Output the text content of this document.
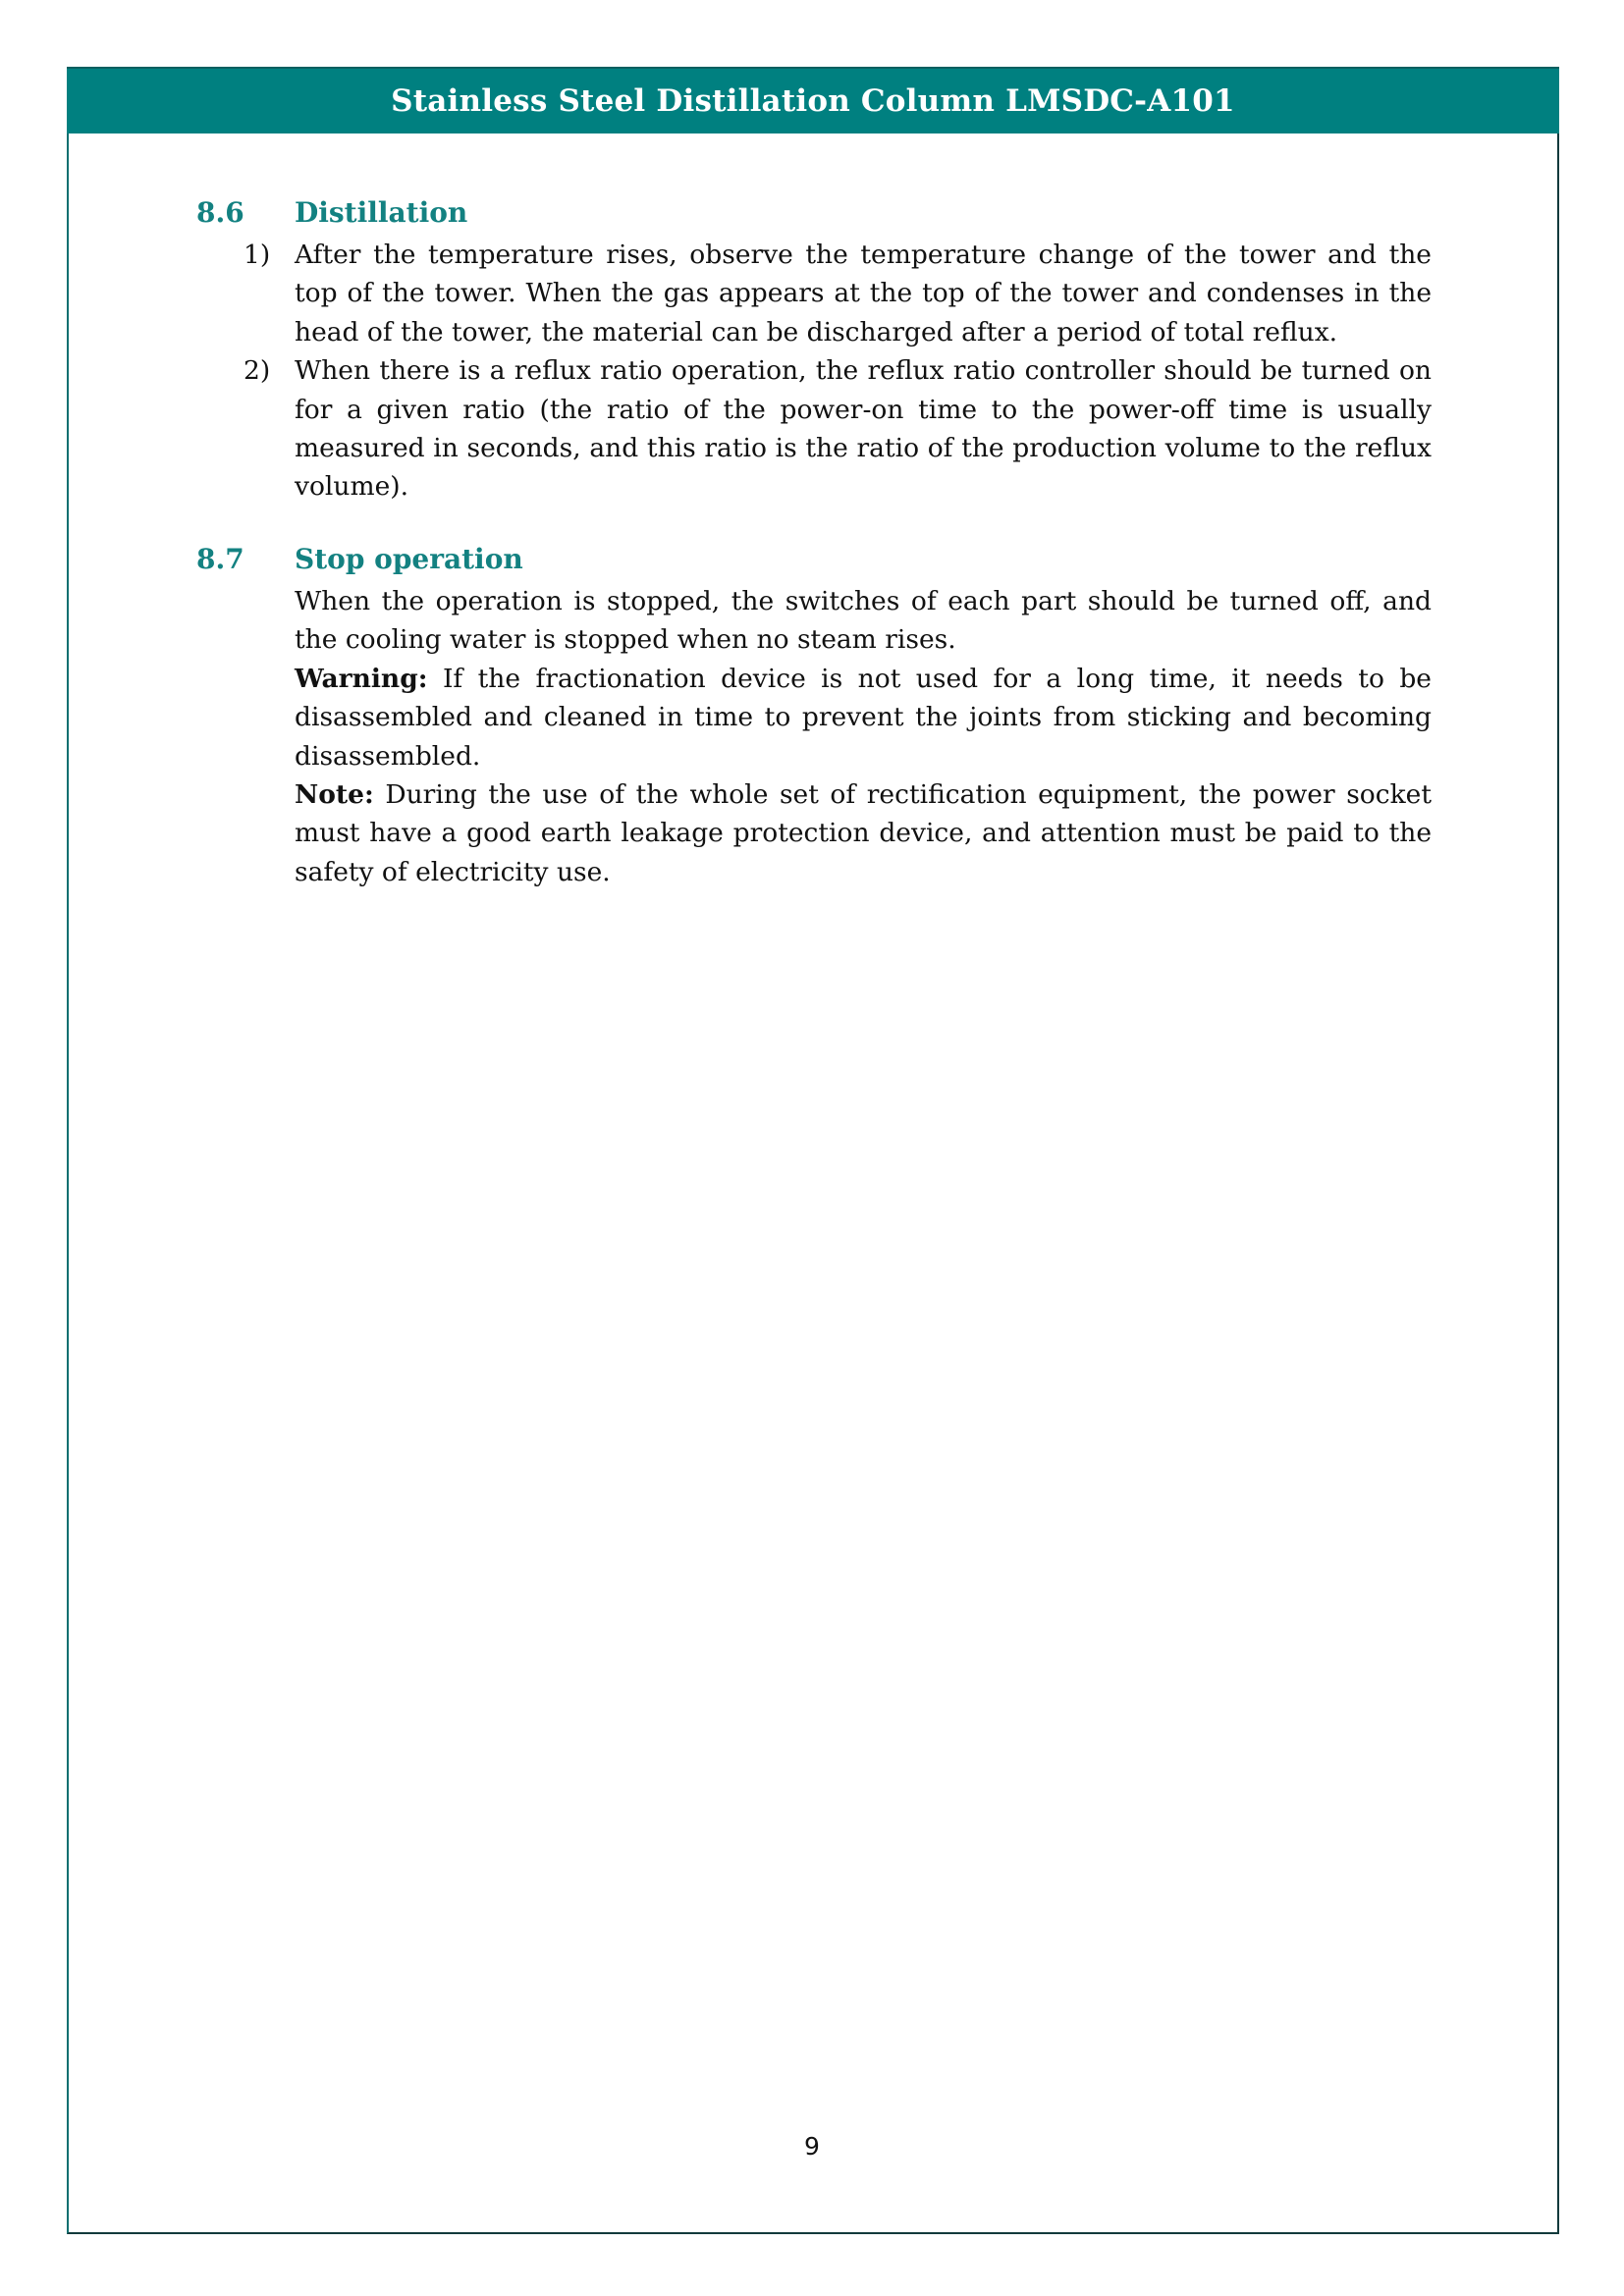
Stainless Steel Distillation Column LMSDC-A101
8.6	Distillation
1) After the temperature rises, observe the temperature change of the tower and the top of the tower. When the gas appears at the top of the tower and condenses in the head of the tower, the material can be discharged after a period of total reflux.
2) When there is a reflux ratio operation, the reflux ratio controller should be turned on for a given ratio (the ratio of the power-on time to the power-off time is usually measured in seconds, and this ratio is the ratio of the production volume to the reflux volume).
8.7	Stop operation

When the operation is stopped, the switches of each part should be turned off, and the cooling water is stopped when no steam rises.

Warning: If the fractionation device is not used for a long time, it needs to be disassembled and cleaned in time to prevent the joints from sticking and becoming disassembled.

Note: During the use of the whole set of rectification equipment, the power socket must have a good earth leakage protection device, and attention must be paid to the safety of electricity use.

9
